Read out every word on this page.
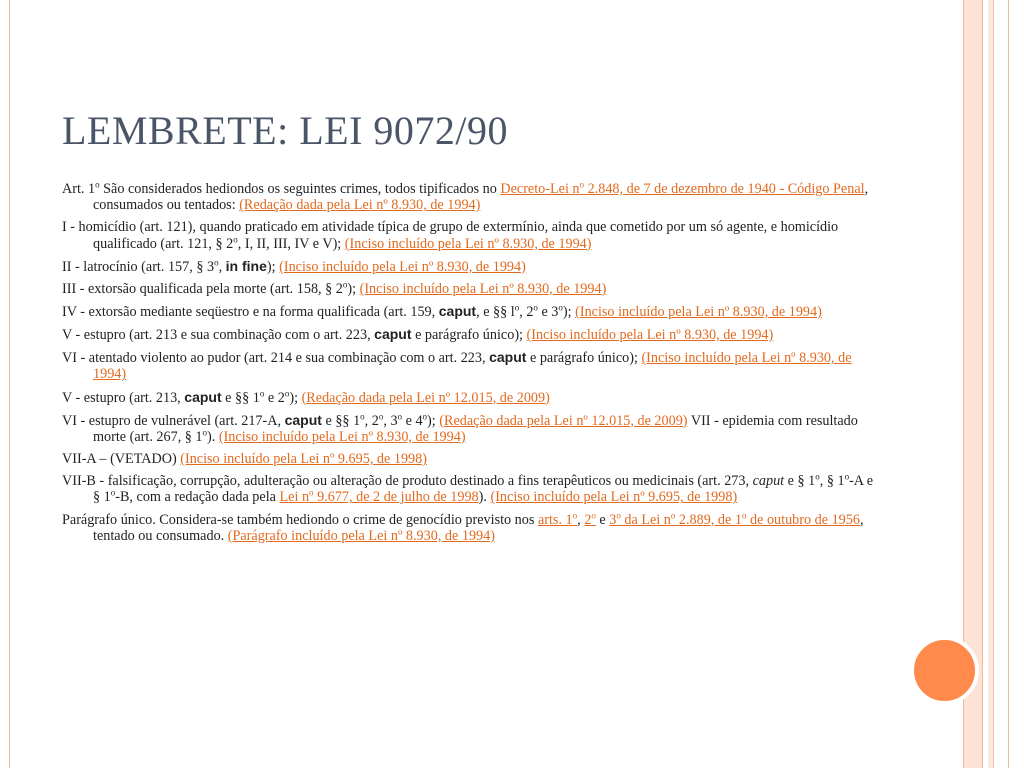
LEMBRETE: LEI 9072/90

Art. 1$^o$ São considerados hediondos os seguintes crimes, todos tipificados no Decreto-Lei $n^o$ 2.848, de 7 de dezembro de 1940 - Código Penal, consumados ou tentados: (Redação dada pela Lei nº 8.930, de 1994)

I - homicídio (art. 121), quando praticado em atividade típica de grupo de extermínio, ainda que cometido por um só agente, e homicídio qualificado (art. 121, § 2$^o$, I, II, III, IV e V); (Inciso incluído pela Lei nº 8.930, de 1994)

II - latrocínio (art. 157, § 3$^o$, in fine); (Inciso incluído pela Lei nº 8.930, de 1994)

III - extorsão qualificada pela morte (art. 158, § 2$^o$); (Inciso incluído pela Lei nº 8.930, de 1994)

IV - extorsão mediante seqüestro e na forma qualificada (art. 159, caput, e §§ $l^o$, 2$^o$ e 3$^o$); (Inciso incluído pela Lei nº 8.930, de 1994)

V - estupro (art. 213 e sua combinação com o art. 223, caput e parágrafo único); (Inciso incluído pela Lei nº 8.930, de 1994)

VI - atentado violento ao pudor (art. 214 e sua combinação com o art. 223, caput e parágrafo único); (Inciso incluído pela Lei nº 8.930, de 1994)

V - estupro (art. 213, caput e §§ 1$^o$ e 2$^o$); (Redação dada pela Lei nº 12.015, de 2009)

VI - estupro de vulnerável (art. 217-A, caput e §§ 1$^o$, 2$^o$, 3$^o$ e 4$^o$); (Redação dada pela Lei nº 12.015, de 2009) VII - epidemia com resultado morte (art. 267, § 1$^o$). (Inciso incluído pela Lei nº 8.930, de 1994)

VII-A – (VETADO) (Inciso incluído pela Lei nº 9.695, de 1998)

VII-B - falsificação, corrupção, adulteração ou alteração de produto destinado a fins terapêuticos ou medicinais (art. 273, caput e § 1$^o$, § 1$^o$-A e § 1$^o$-B, com a redação dada pela Lei $n^o$ 9.677, de 2 de julho de 1998). (Inciso incluído pela Lei nº 9.695, de 1998)

Parágrafo único. Considera-se também hediondo o crime de genocídio previsto nos arts. 1$^o$, 2$^o$ e 3$^o$ da Lei $n^o$ 2.889, de 1$^o$ de outubro de 1956, tentado ou consumado. (Parágrafo incluído pela Lei nº 8.930, de 1994)
